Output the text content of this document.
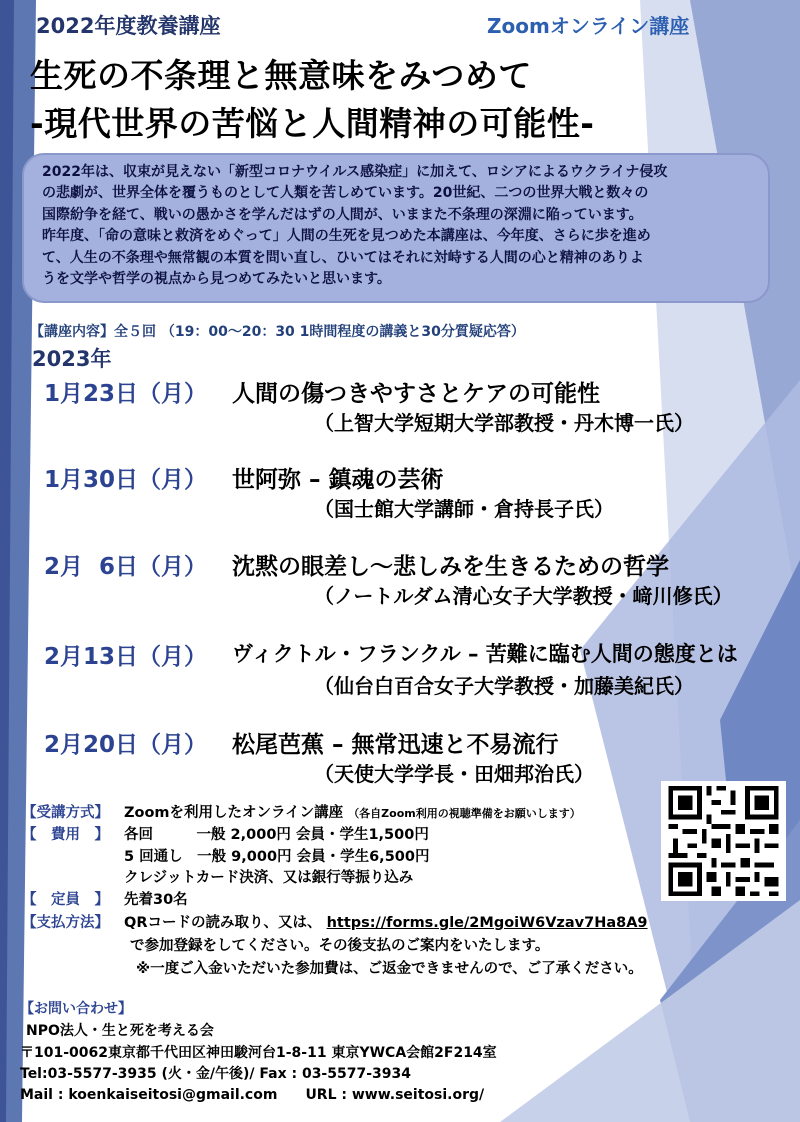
2022年度教養講座	Zoomオンライン講座
生死の不条理と無意味をみつめて
-現代世界の苦悩と人間精神の可能性-

2022年は、収束が見えない「新型コロナウイルス感染症」に加えて、ロシアによるウクライナ侵攻

の悲劇が、世界全体を覆うものとして人類を苦しめています。20世紀、二つの世界大戦と数々の

国際紛争を経て、戦いの愚かさを学んだはずの人間が、いままた不条理の深淵に陥っています。

昨年度、「命の意味と救済をめぐって」人間の生死を見つめた本講座は、今年度、さらに歩を進め

て、人生の不条理や無常観の本質を問い直し、ひいてはそれに対峙する人間の心と精神のありよ

うを文学や哲学の視点から見つめてみたいと思います。

【講座内容】全５回 （19：00～20：30 1時間程度の講義と30分質疑応答）
2023年
1月23日（月） 人間の傷つきやすさとケアの可能性
（上智大学短期大学部教授・丹木博一氏）
1月30日（月） 世阿弥 – 鎮魂の芸術
（国士館大学講師・倉持長子氏）
2月  6日（月） 沈黙の眼差し～悲しみを生きるための哲学
（ノートルダム清心女子大学教授・﨑川修氏）
2月13日（月） ヴィクトル・フランクル – 苦難に臨む人間の態度とは
（仙台白百合女子大学教授・加藤美紀氏）
2月20日（月） 松尾芭蕉 – 無常迅速と不易流行
（天使大学学長・田畑邦治氏）
【受講方式】 Zoomを利用したオンライン講座 （各自Zoom利用の視聴準備をお願いします）
【　費用　】 各回　　　一般 2,000円 会員・学生1,500円
5 回通し　一般 9,000円 会員・学生6,500円
クレジットカード決済、又は銀行等振り込み
【　定員　】 先着30名
【支払方法】 QRコードの読み取り、又は、 https://forms.gle/2MgoiW6Vzav7Ha8A9
で参加登録をしてください。その後支払のご案内をいたします。
※一度ご入金いただいた参加費は、ご返金できませんので、ご了承ください。
【お問い合わせ】
NPO法人・生と死を考える会
〒101-0062東京都千代田区神田駿河台1-8-11 東京YWCA会館2F214室
Tel:03-5577-3935 (火・金/午後)/ Fax : 03-5577-3934
Mail : koenkaiseitosi@gmail.com　　URL : www.seitosi.org/
